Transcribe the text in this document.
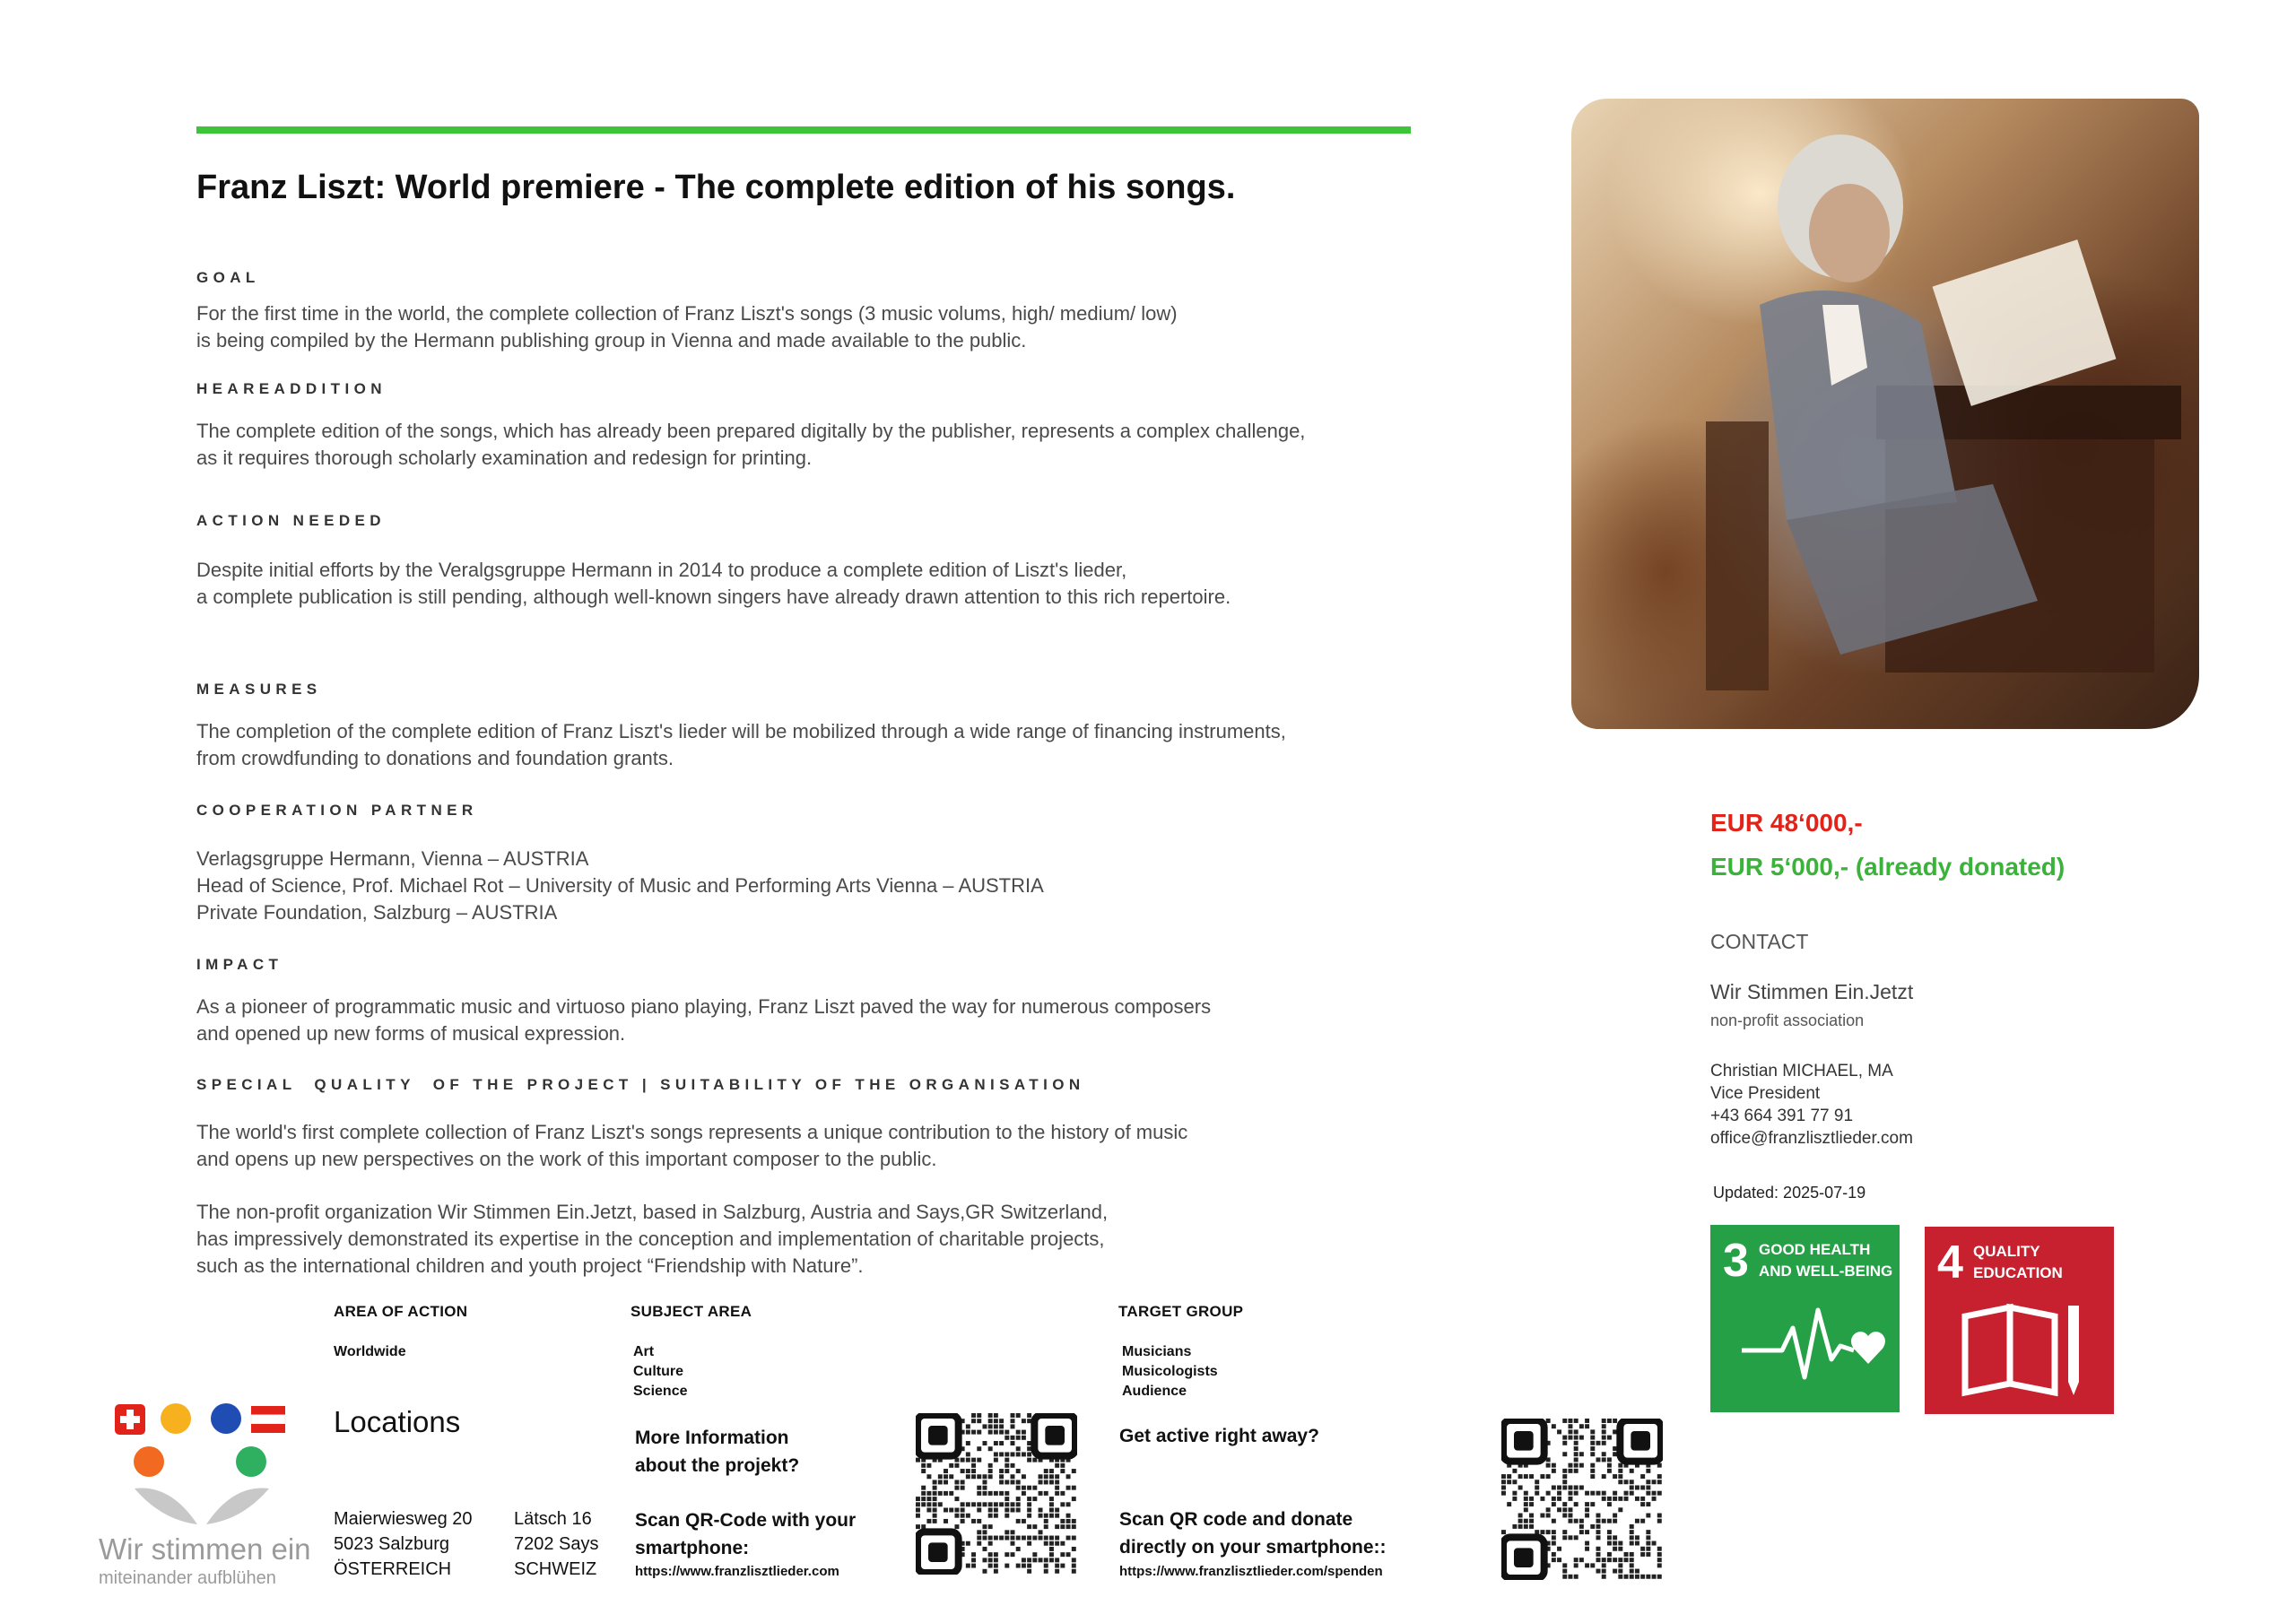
Franz Liszt: World premiere - The complete edition of his songs.
GOAL
For the first time in the world, the complete collection of Franz Liszt's songs (3 music volums, high/ medium/ low)
is being compiled by the Hermann publishing group in Vienna and made available to the public.
HEAREADDITION
The complete edition of the songs, which has already been prepared digitally by the publisher, represents a complex challenge,
as it requires thorough scholarly examination and redesign for printing.
ACTION NEEDED
Despite initial efforts by the Veralgsgruppe Hermann in 2014 to produce a complete edition of Liszt's lieder,
a complete publication is still pending, although well-known singers have already drawn attention to this rich repertoire.
MEASURES
The completion of the complete edition of Franz Liszt's lieder will be mobilized through a wide range of financing instruments,
from crowdfunding to donations and foundation grants.
COOPERATION PARTNER
Verlagsgruppe Hermann, Vienna – AUSTRIA
Head of Science, Prof. Michael Rot – University of Music and Performing Arts Vienna – AUSTRIA
Private Foundation, Salzburg – AUSTRIA
IMPACT
As a pioneer of programmatic music and virtuoso piano playing, Franz Liszt paved the way for numerous composers
and opened up new forms of musical expression.
SPECIAL  QUALITY  OF THE PROJECT | SUITABILITY OF THE ORGANISATION
The world's first complete collection of Franz Liszt's songs represents a unique contribution to the history of music
and opens up new perspectives on the work of this important composer to the public.
The non-profit organization Wir Stimmen Ein.Jetzt, based in Salzburg, Austria and Says,GR Switzerland,
has impressively demonstrated its expertise in the conception and implementation of charitable projects,
such as the international children and youth project “Friendship with Nature”.
EUR 48‘000,-
EUR 5‘000,- (already donated)
CONTACT
Wir Stimmen Ein.Jetzt
non-profit association
Christian MICHAEL, MA
Vice President
+43 664 391 77 91
office@franzlisztlieder.com
Updated: 2025-07-19
3 GOOD HEALTH
AND WELL-BEING 4 QUALITY
EDUCATION
AREA OF ACTION
Worldwide
SUBJECT AREA
Art
Culture
Science
TARGET GROUP
Musicians
Musicologists
Audience
Locations
Maierwiesweg 20
5023 Salzburg
ÖSTERREICH
Lätsch 16
7202 Says
SCHWEIZ
More Information
about the projekt?
Scan QR-Code with your
smartphone:
https://www.franzlisztlieder.com
Get active right away?
Scan QR code and donate
directly on your smartphone::
https://www.franzlisztlieder.com/spenden
Wir stimmen ein
miteinander aufblühen
